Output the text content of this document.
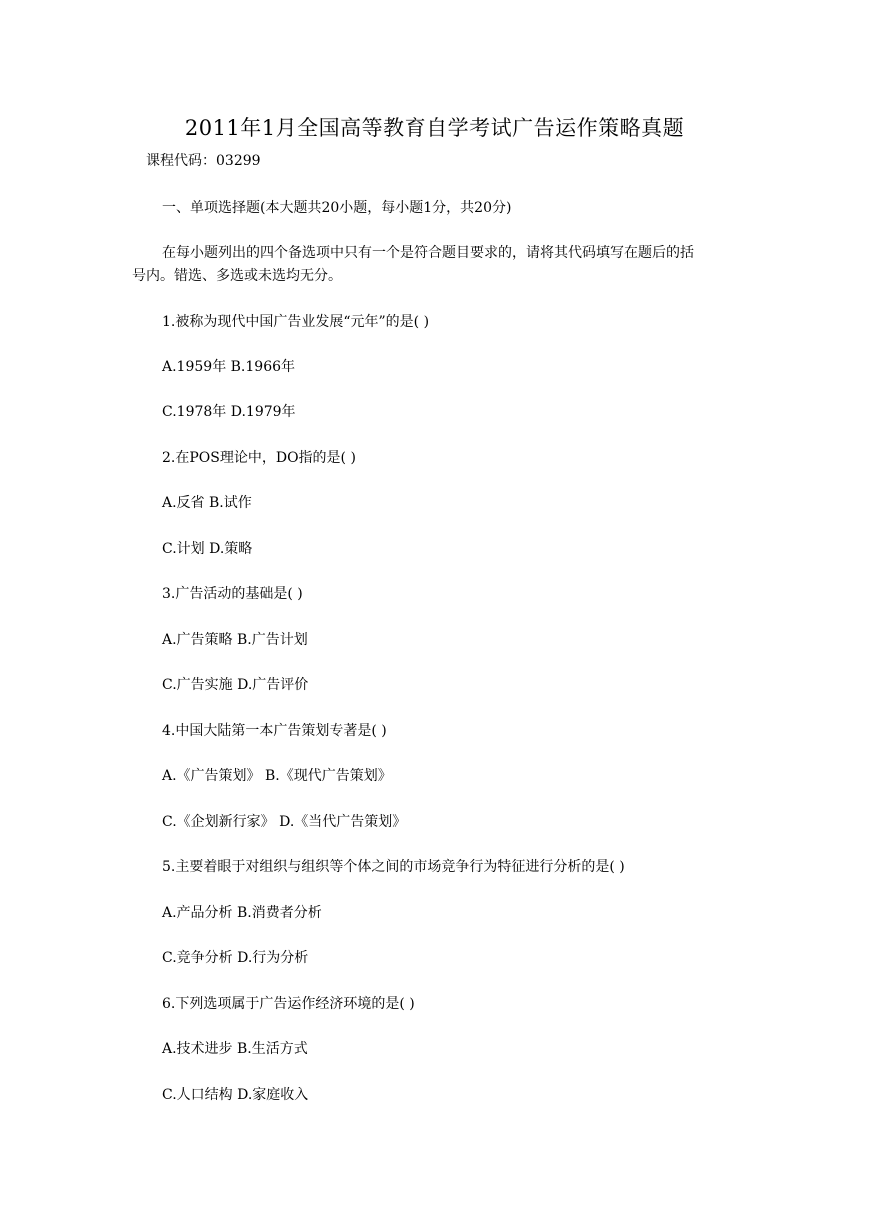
2011年1月全国高等教育自学考试广告运作策略真题
课程代码：03299
一、单项选择题(本大题共20小题，每小题1分，共20分)
在每小题列出的四个备选项中只有一个是符合题目要求的，请将其代码填写在题后的括
号内。错选、多选或未选均无分。
1.被称为现代中国广告业发展“元年”的是( )
A.1959年 B.1966年
C.1978年 D.1979年
2.在POS理论中，DO指的是( )
A.反省 B.试作
C.计划 D.策略
3.广告活动的基础是( )
A.广告策略 B.广告计划
C.广告实施 D.广告评价
4.中国大陆第一本广告策划专著是( )
A.《广告策划》 B.《现代广告策划》
C.《企划新行家》 D.《当代广告策划》
5.主要着眼于对组织与组织等个体之间的市场竞争行为特征进行分析的是( )
A.产品分析 B.消费者分析
C.竞争分析 D.行为分析
6.下列选项属于广告运作经济环境的是( )
A.技术进步 B.生活方式
C.人口结构 D.家庭收入
